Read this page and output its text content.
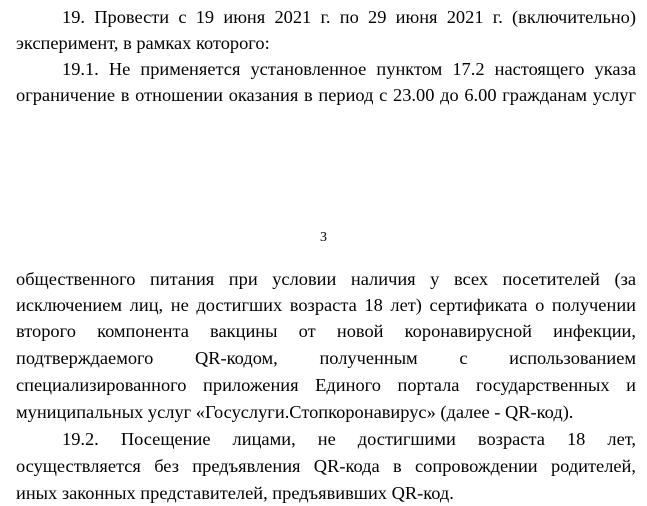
19. Провести с 19 июня 2021 г. по 29 июня 2021 г. (включительно)
эксперимент, в рамках которого:
19.1. Не применяется установленное пунктом 17.2 настоящего указа
ограничение в отношении оказания в период с 23.00 до 6.00 гражданам услуг
3
общественного питания при условии наличия у всех посетителей (за
исключением лиц, не достигших возраста 18 лет) сертификата о получении
второго компонента вакцины от новой коронавирусной инфекции,
подтверждаемого QR-кодом, полученным с использованием
специализированного приложения Единого портала государственных и
муниципальных услуг «Госуслуги.Стопкоронавирус» (далее - QR-код).
19.2. Посещение лицами, не достигшими возраста 18 лет,
осуществляется без предъявления QR-кода в сопровождении родителей,
иных законных представителей, предъявивших QR-код.
